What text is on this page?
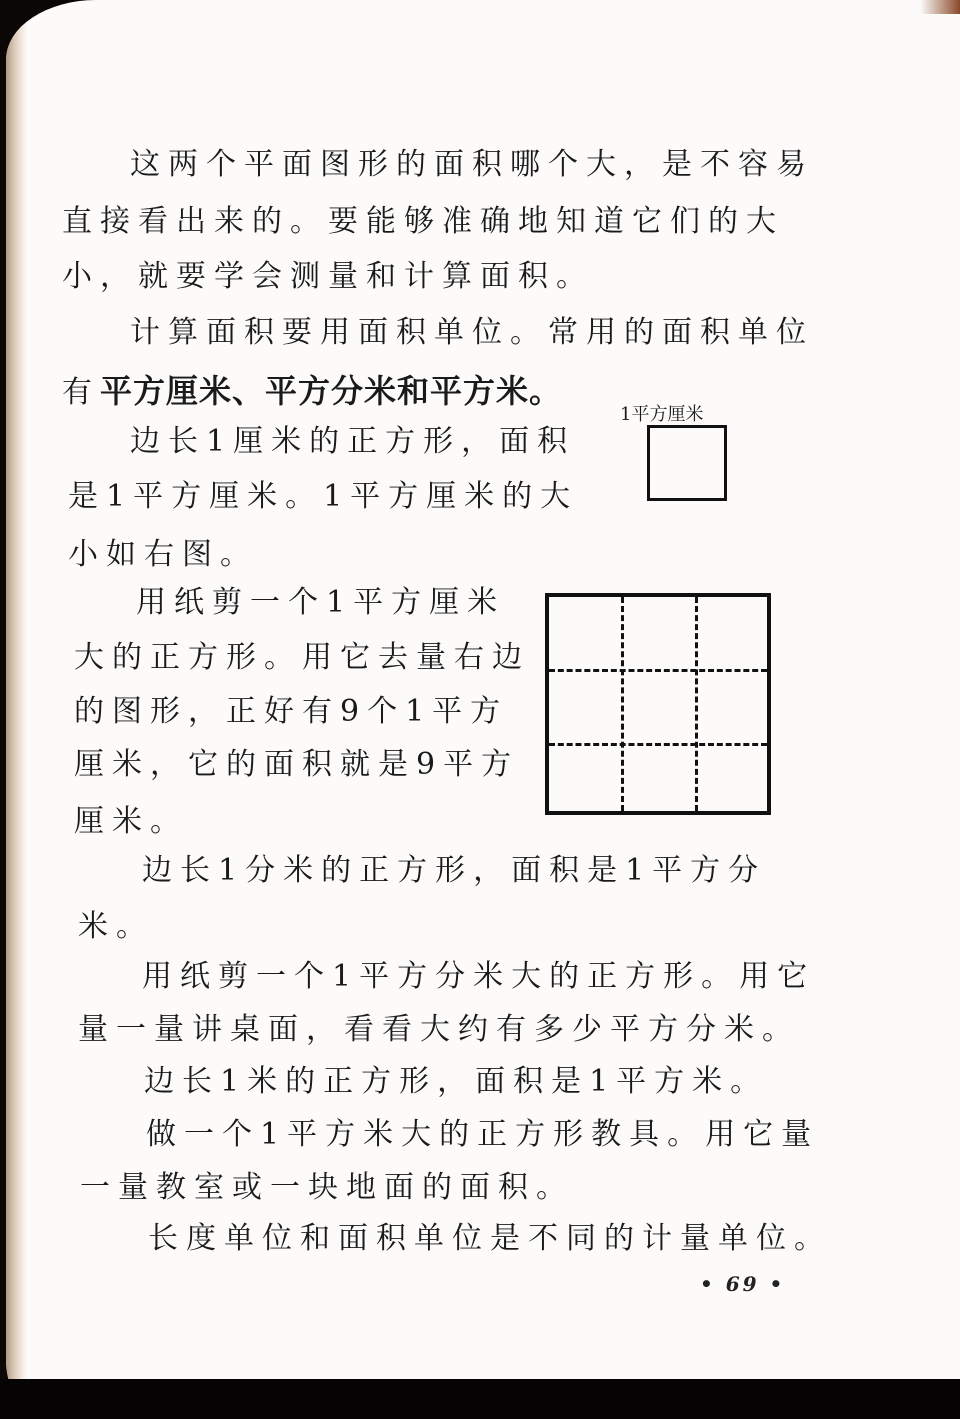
这两个平面图形的面积哪个大，是不容易
直接看出来的。要能够准确地知道它们的大
小，就要学会测量和计算面积。
计算面积要用面积单位。常用的面积单位
有平方厘米、平方分米和平方米。
1平方厘米
边长1厘米的正方形，面积
是1平方厘米。1平方厘米的大
小如右图。
用纸剪一个1平方厘米
大的正方形。用它去量右边
的图形，正好有9个1平方
厘米，它的面积就是9平方
厘米。
边长1分米的正方形，面积是1平方分
米。
用纸剪一个1平方分米大的正方形。用它
量一量讲桌面，看看大约有多少平方分米。
边长1米的正方形，面积是1平方米。
做一个1平方米大的正方形教具。用它量
一量教室或一块地面的面积。
长度单位和面积单位是不同的计量单位。
• 69 •
